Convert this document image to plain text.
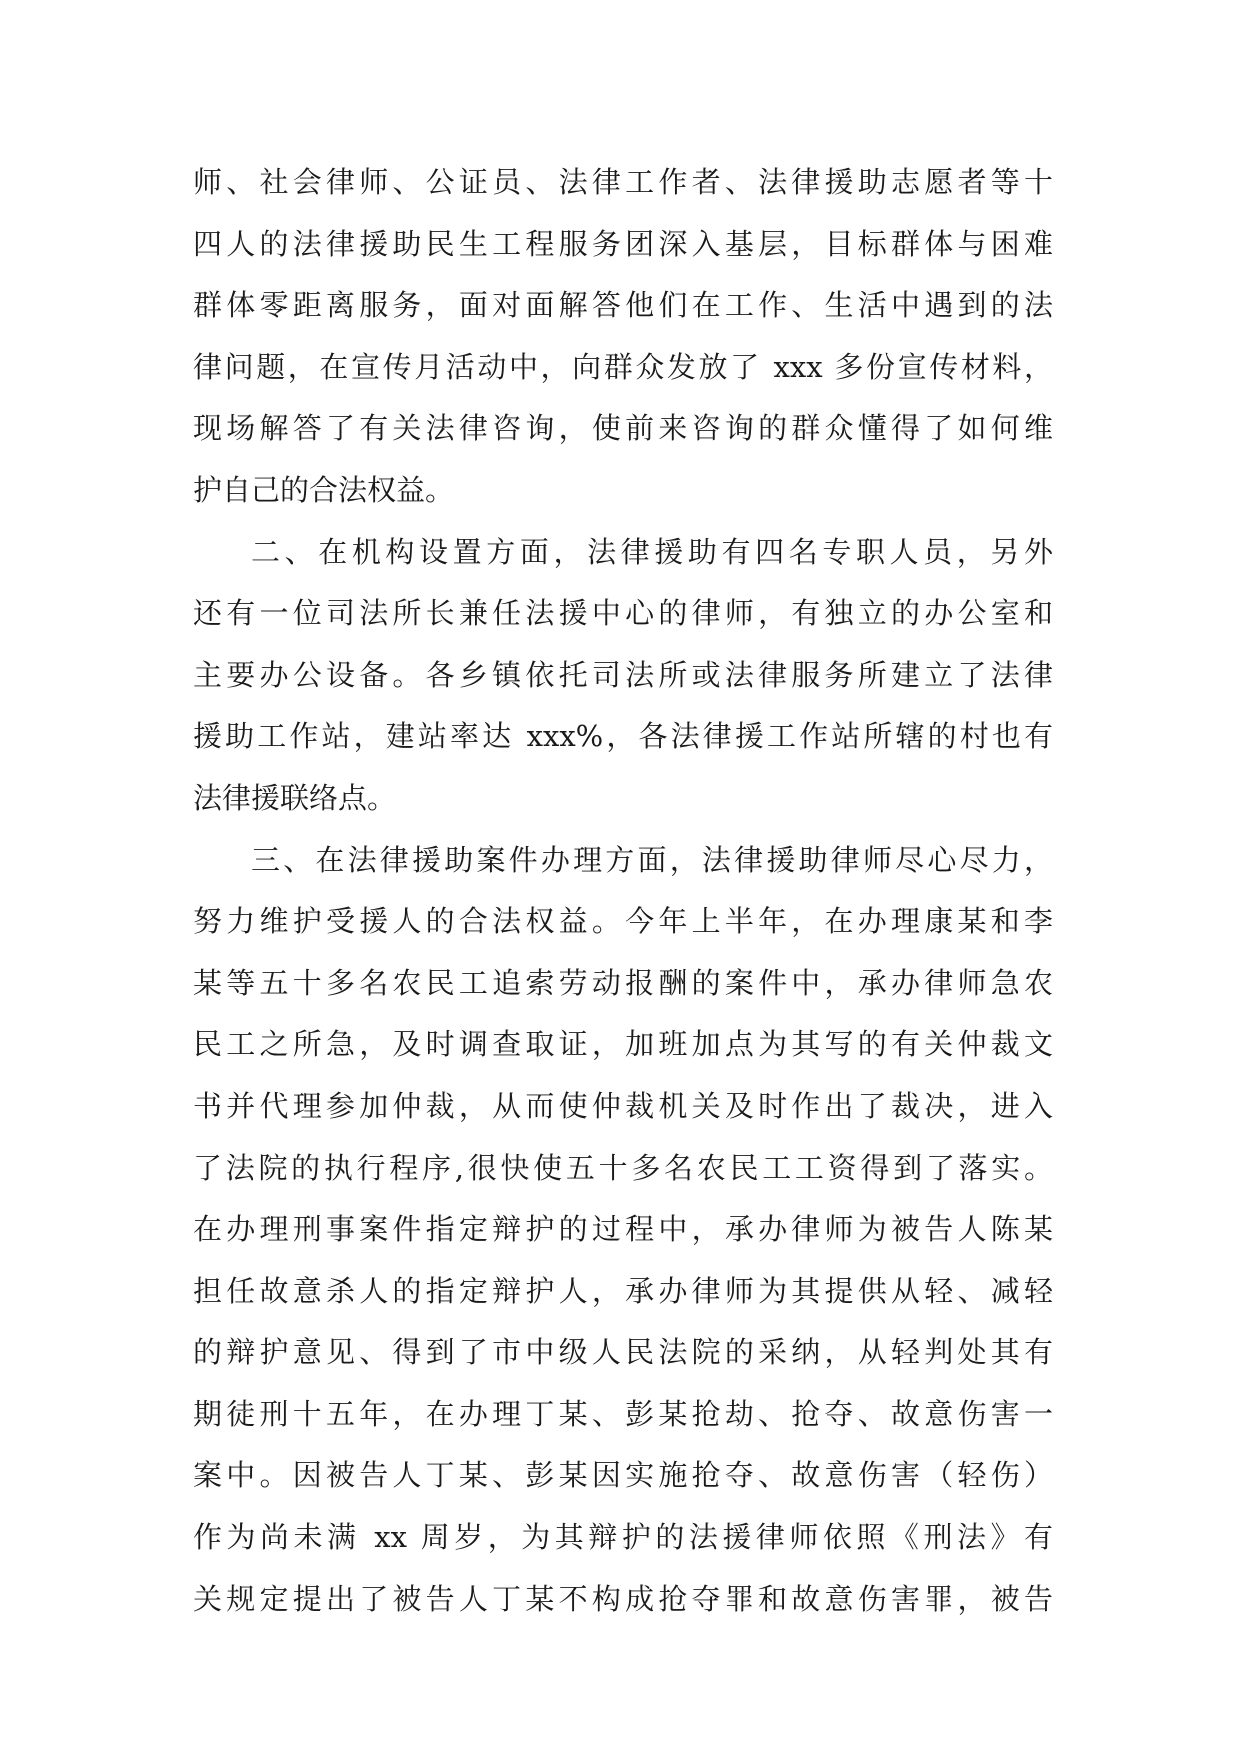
师、社会律师、公证员、法律工作者、法律援助志愿者等十
四人的法律援助民生工程服务团深入基层，目标群体与困难
群体零距离服务，面对面解答他们在工作、生活中遇到的法
律问题，在宣传月活动中，向群众发放了 xxx 多份宣传材料，
现场解答了有关法律咨询，使前来咨询的群众懂得了如何维
护自己的合法权益。
二、在机构设置方面，法律援助有四名专职人员，另外
还有一位司法所长兼任法援中心的律师，有独立的办公室和
主要办公设备。各乡镇依托司法所或法律服务所建立了法律
援助工作站，建站率达 xxx%，各法律援工作站所辖的村也有
法律援联络点。
三、在法律援助案件办理方面，法律援助律师尽心尽力，
努力维护受援人的合法权益。今年上半年，在办理康某和李
某等五十多名农民工追索劳动报酬的案件中，承办律师急农
民工之所急，及时调查取证，加班加点为其写的有关仲裁文
书并代理参加仲裁，从而使仲裁机关及时作出了裁决，进入
了法院的执行程序,很快使五十多名农民工工资得到了落实。
在办理刑事案件指定辩护的过程中，承办律师为被告人陈某
担任故意杀人的指定辩护人，承办律师为其提供从轻、减轻
的辩护意见、得到了市中级人民法院的采纳，从轻判处其有
期徒刑十五年，在办理丁某、彭某抢劫、抢夺、故意伤害一
案中。因被告人丁某、彭某因实施抢夺、故意伤害（轻伤）
作为尚未满 xx 周岁，为其辩护的法援律师依照《刑法》有
关规定提出了被告人丁某不构成抢夺罪和故意伤害罪，被告
